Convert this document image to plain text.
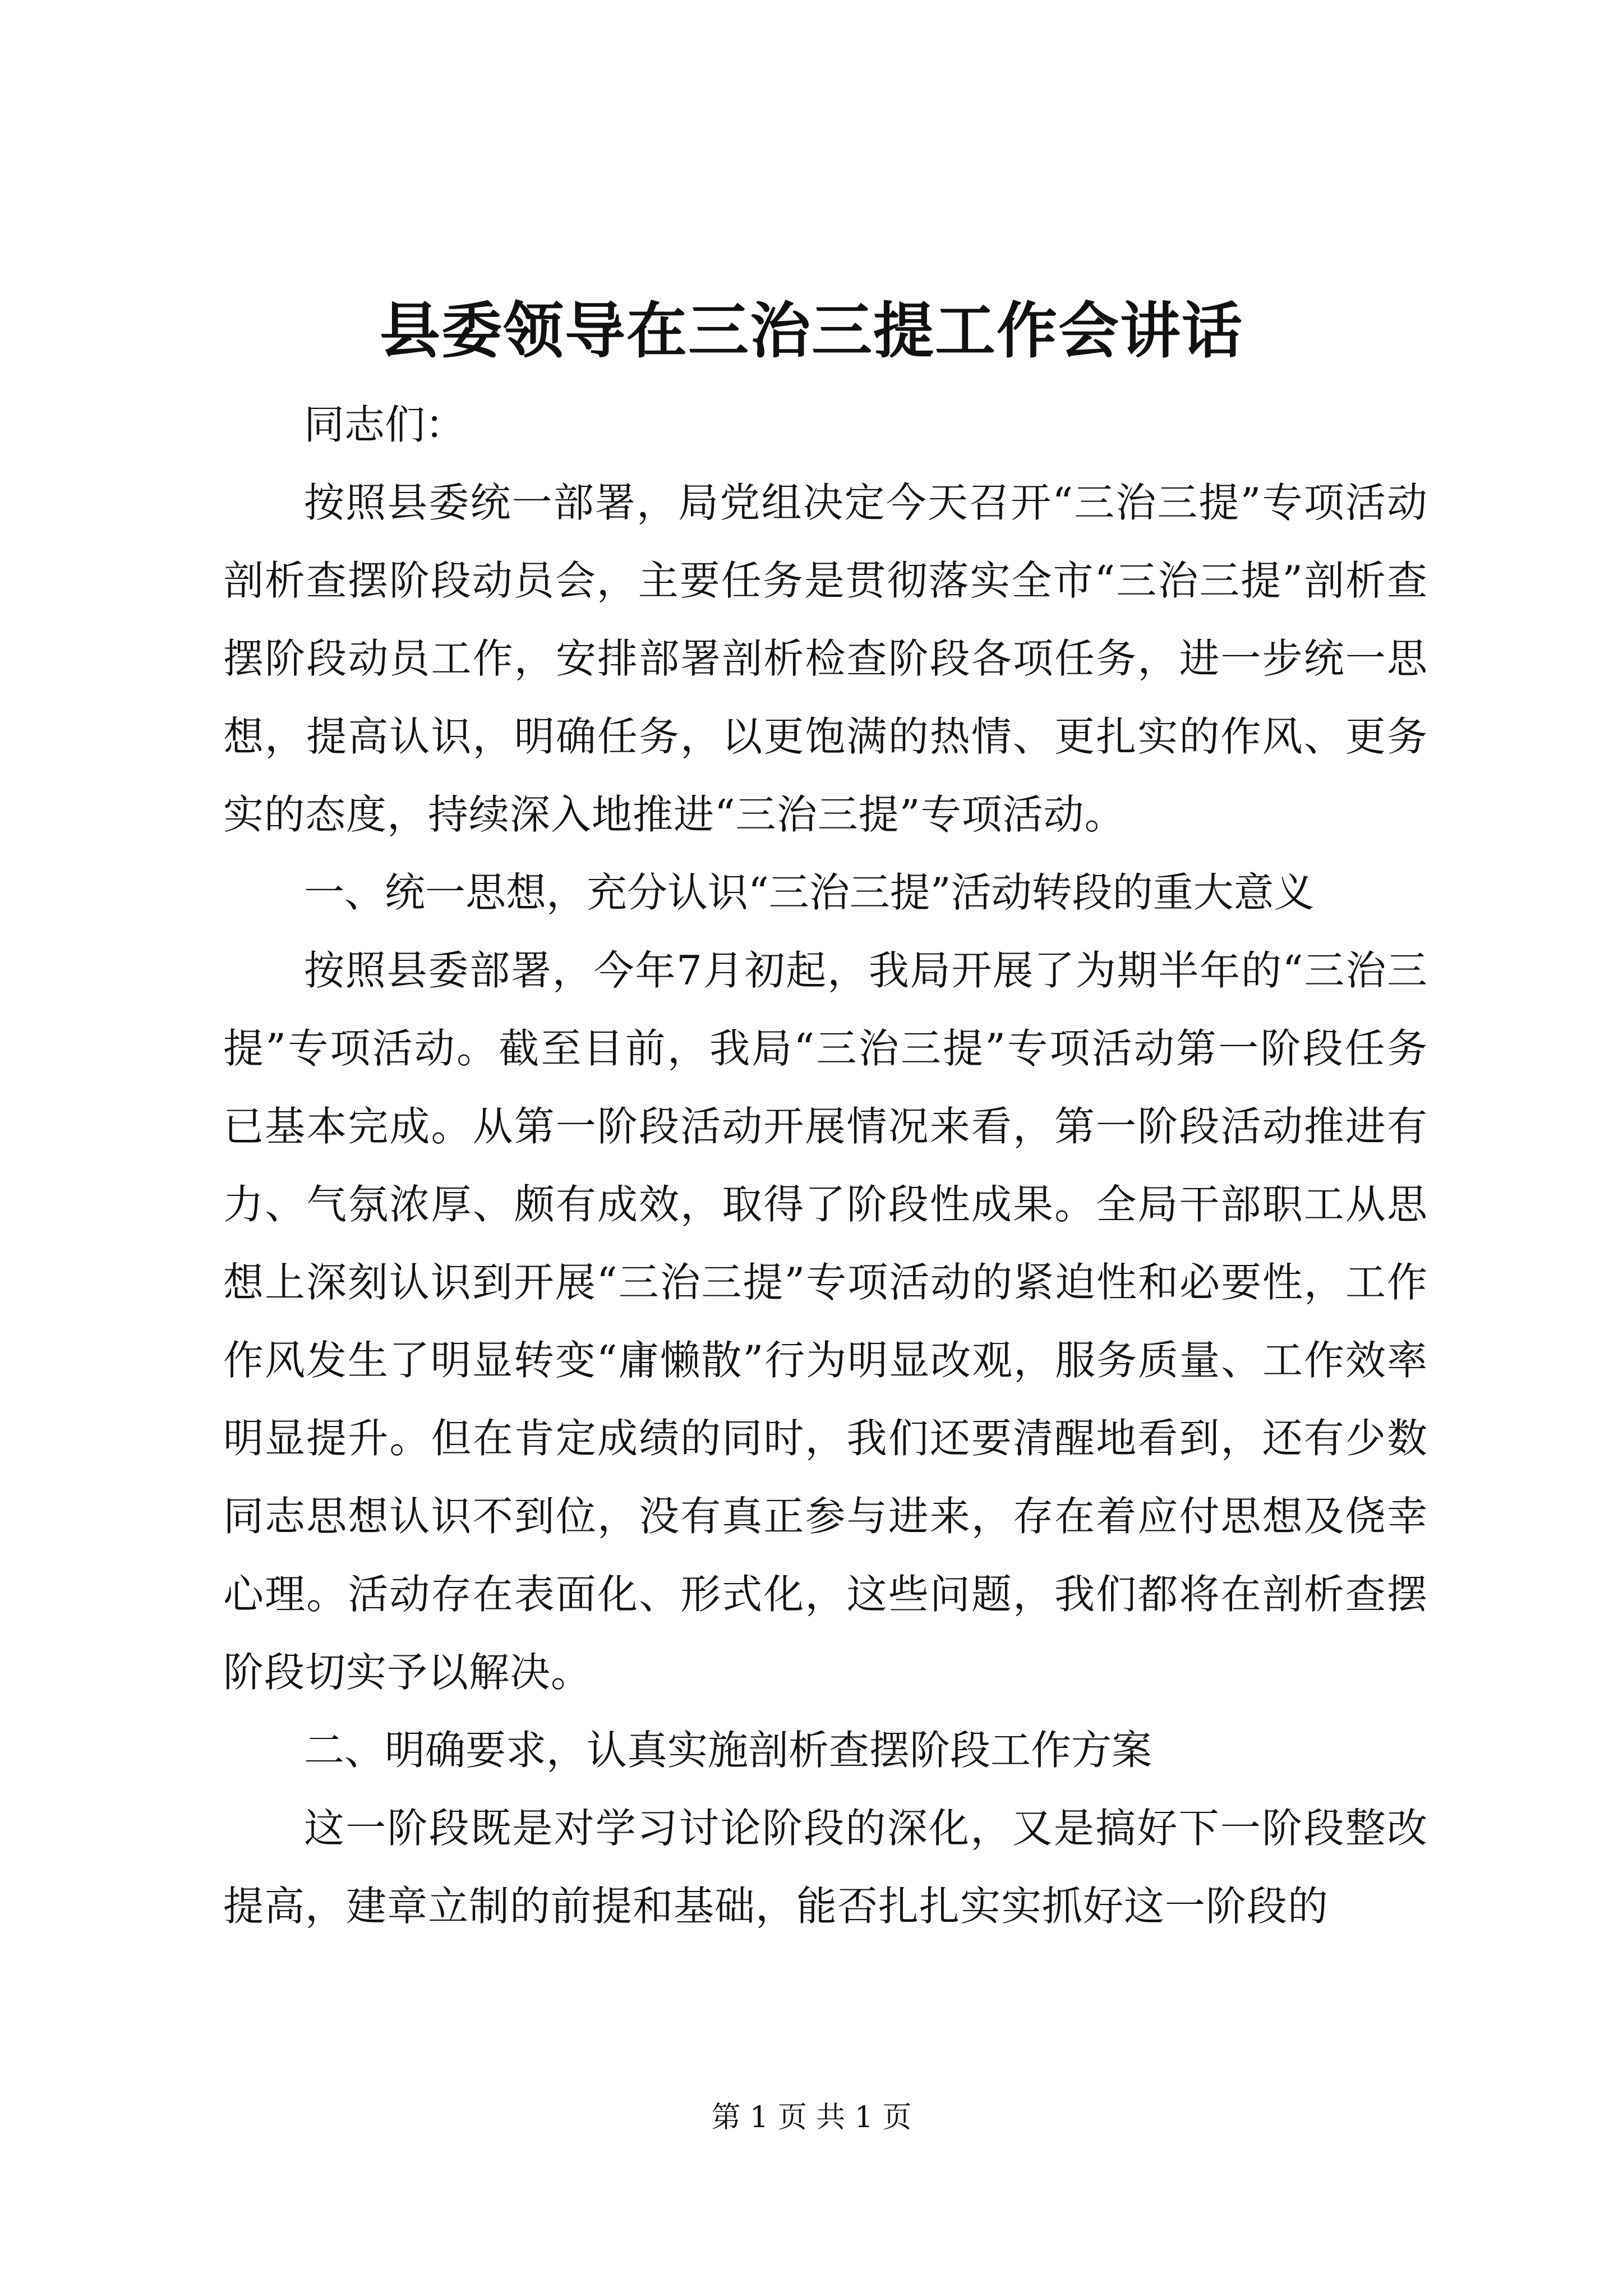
县委领导在三治三提工作会讲话

同志们：

按照县委统一部署，局党组决定今天召开“三治三提”专项活动剖析查摆阶段动员会，主要任务是贯彻落实全市“三治三提”剖析查摆阶段动员工作，安排部署剖析检查阶段各项任务，进一步统一思想，提高认识，明确任务，以更饱满的热情、更扎实的作风、更务实的态度，持续深入地推进“三治三提”专项活动。

一、统一思想，充分认识“三治三提”活动转段的重大意义

按照县委部署，今年7月初起，我局开展了为期半年的“三治三提”专项活动。截至目前，我局“三治三提”专项活动第一阶段任务已基本完成。从第一阶段活动开展情况来看，第一阶段活动推进有力、气氛浓厚、颇有成效，取得了阶段性成果。全局干部职工从思想上深刻认识到开展“三治三提”专项活动的紧迫性和必要性，工作作风发生了明显转变“庸懒散”行为明显改观，服务质量、工作效率明显提升。但在肯定成绩的同时，我们还要清醒地看到，还有少数同志思想认识不到位，没有真正参与进来，存在着应付思想及侥幸心理。活动存在表面化、形式化，这些问题，我们都将在剖析查摆阶段切实予以解决。

二、明确要求，认真实施剖析查摆阶段工作方案

这一阶段既是对学习讨论阶段的深化，又是搞好下一阶段整改提高，建章立制的前提和基础，能否扎扎实实抓好这一阶段的

第 1 页 共 1 页
